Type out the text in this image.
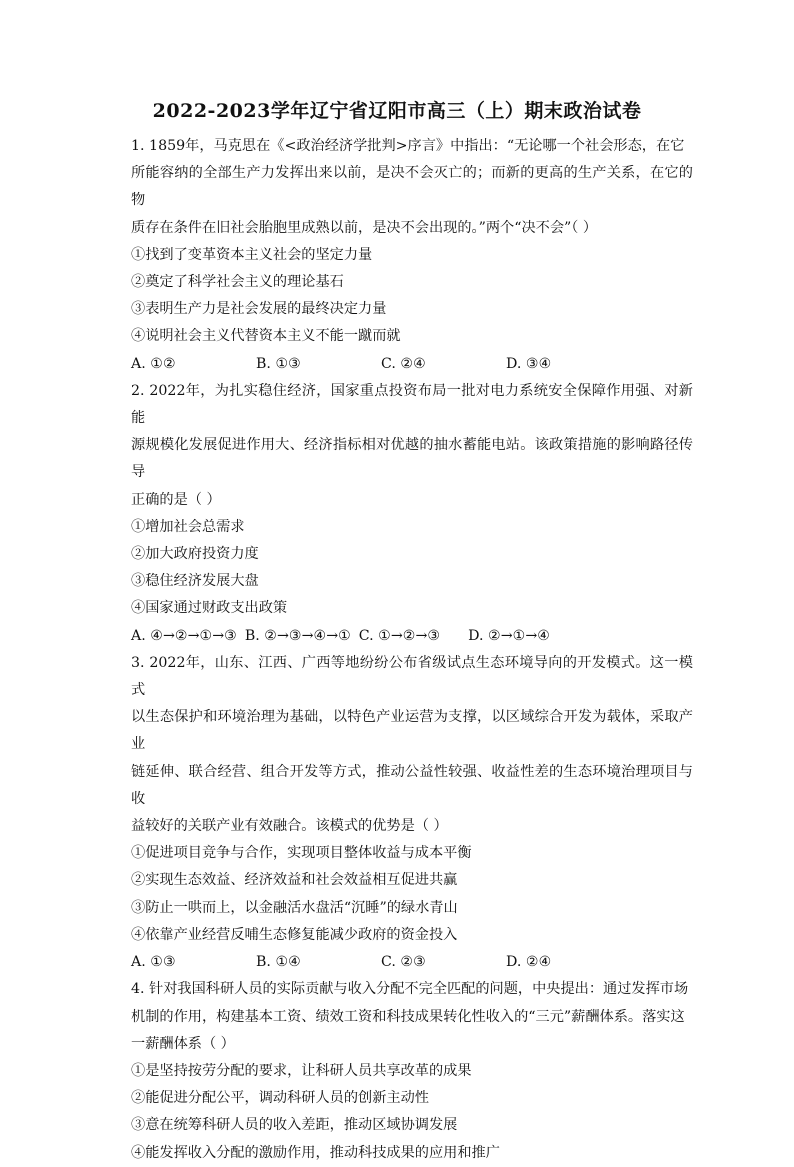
2022-2023学年辽宁省辽阳市高三（上）期末政治试卷

1. 1859年，马克思在《<政治经济学批判>序言》中指出：“无论哪一个社会形态，在它

所能容纳的全部生产力发挥出来以前，是决不会灭亡的；而新的更高的生产关系，在它的物

质存在条件在旧社会胎胞里成熟以前，是决不会出现的。”两个“决不会”（ ）

①找到了变革资本主义社会的坚定力量

②奠定了科学社会主义的理论基石

③表明生产力是社会发展的最终决定力量

④说明社会主义代替资本主义不能一蹴而就

A. ①②	B. ①③	C. ②④	D. ③④

2. 2022年，为扎实稳住经济，国家重点投资布局一批对电力系统安全保障作用强、对新能

源规模化发展促进作用大、经济指标相对优越的抽水蓄能电站。该政策措施的影响路径传导

正确的是（ ）

①增加社会总需求

②加大政府投资力度

③稳住经济发展大盘

④国家通过财政支出政策

A. ④→②→①→③ B. ②→③→④→① C. ①→②→③ D. ②→①→④

3. 2022年，山东、江西、广西等地纷纷公布省级试点生态环境导向的开发模式。这一模式

以生态保护和环境治理为基础，以特色产业运营为支撑，以区域综合开发为载体，采取产业

链延伸、联合经营、组合开发等方式，推动公益性较强、收益性差的生态环境治理项目与收

益较好的关联产业有效融合。该模式的优势是（ ）

①促进项目竞争与合作，实现项目整体收益与成本平衡

②实现生态效益、经济效益和社会效益相互促进共赢

③防止一哄而上，以金融活水盘活“沉睡”的绿水青山

④依靠产业经营反哺生态修复能减少政府的资金投入

A. ①③	B. ①④	C. ②③	D. ②④

4. 针对我国科研人员的实际贡献与收入分配不完全匹配的问题，中央提出：通过发挥市场

机制的作用，构建基本工资、绩效工资和科技成果转化性收入的“三元”薪酬体系。落实这

一薪酬体系（ ）

①是坚持按劳分配的要求，让科研人员共享改革的成果

②能促进分配公平，调动科研人员的创新主动性

③意在统筹科研人员的收入差距，推动区域协调发展

④能发挥收入分配的激励作用，推动科技成果的应用和推广
